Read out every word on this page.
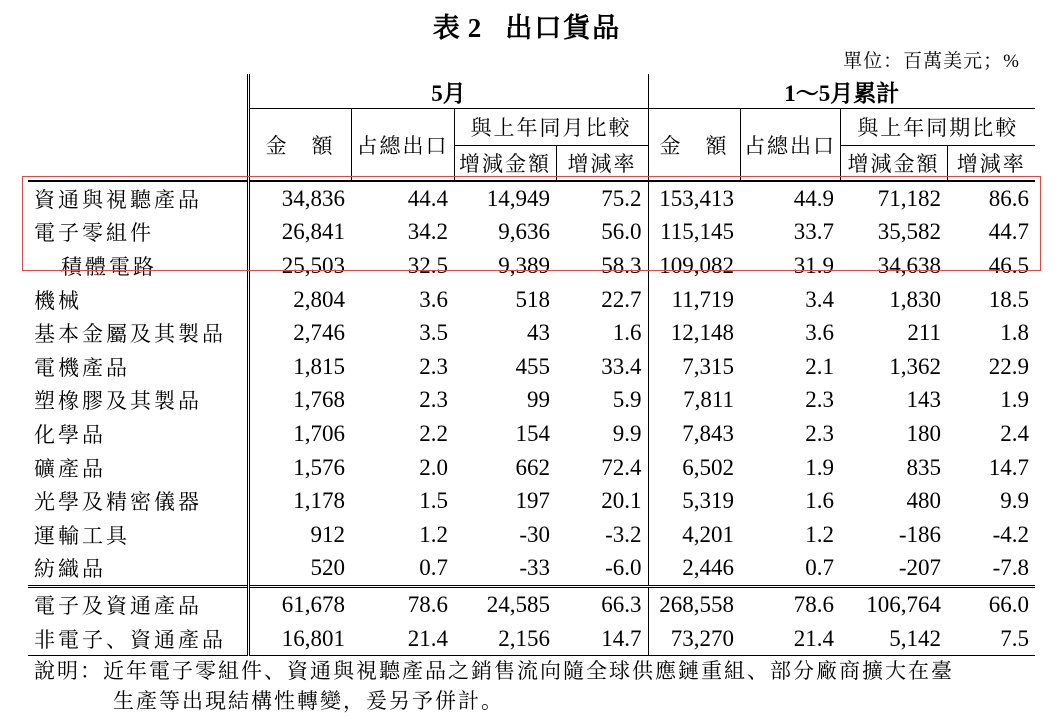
表 2 出口貨品
單位：百萬美元；%
	5月				1～5月累計			
	金　額	占總出口	與上年同月比較		金　額	占總出口	與上年同期比較	
			增減金額	增減率			增減金額	增減率
資通與視聽產品	34,836	44.4	14,949	75.2	153,413	44.9	71,182	86.6
電子零組件	26,841	34.2	9,636	56.0	115,145	33.7	35,582	44.7
積體電路	25,503	32.5	9,389	58.3	109,082	31.9	34,638	46.5
機械	2,804	3.6	518	22.7	11,719	3.4	1,830	18.5
基本金屬及其製品	2,746	3.5	43	1.6	12,148	3.6	211	1.8
電機產品	1,815	2.3	455	33.4	7,315	2.1	1,362	22.9
塑橡膠及其製品	1,768	2.3	99	5.9	7,811	2.3	143	1.9
化學品	1,706	2.2	154	9.9	7,843	2.3	180	2.4
礦產品	1,576	2.0	662	72.4	6,502	1.9	835	14.7
光學及精密儀器	1,178	1.5	197	20.1	5,319	1.6	480	9.9
運輸工具	912	1.2	-30	-3.2	4,201	1.2	-186	-4.2
紡織品	520	0.7	-33	-6.0	2,446	0.7	-207	-7.8
電子及資通產品	61,678	78.6	24,585	66.3	268,558	78.6	106,764	66.0
非電子、資通產品	16,801	21.4	2,156	14.7	73,270	21.4	5,142	7.5
說明：近年電子零組件、資通與視聽產品之銷售流向隨全球供應鏈重組、部分廠商擴大在臺
生產等出現結構性轉變，爰另予併計。
